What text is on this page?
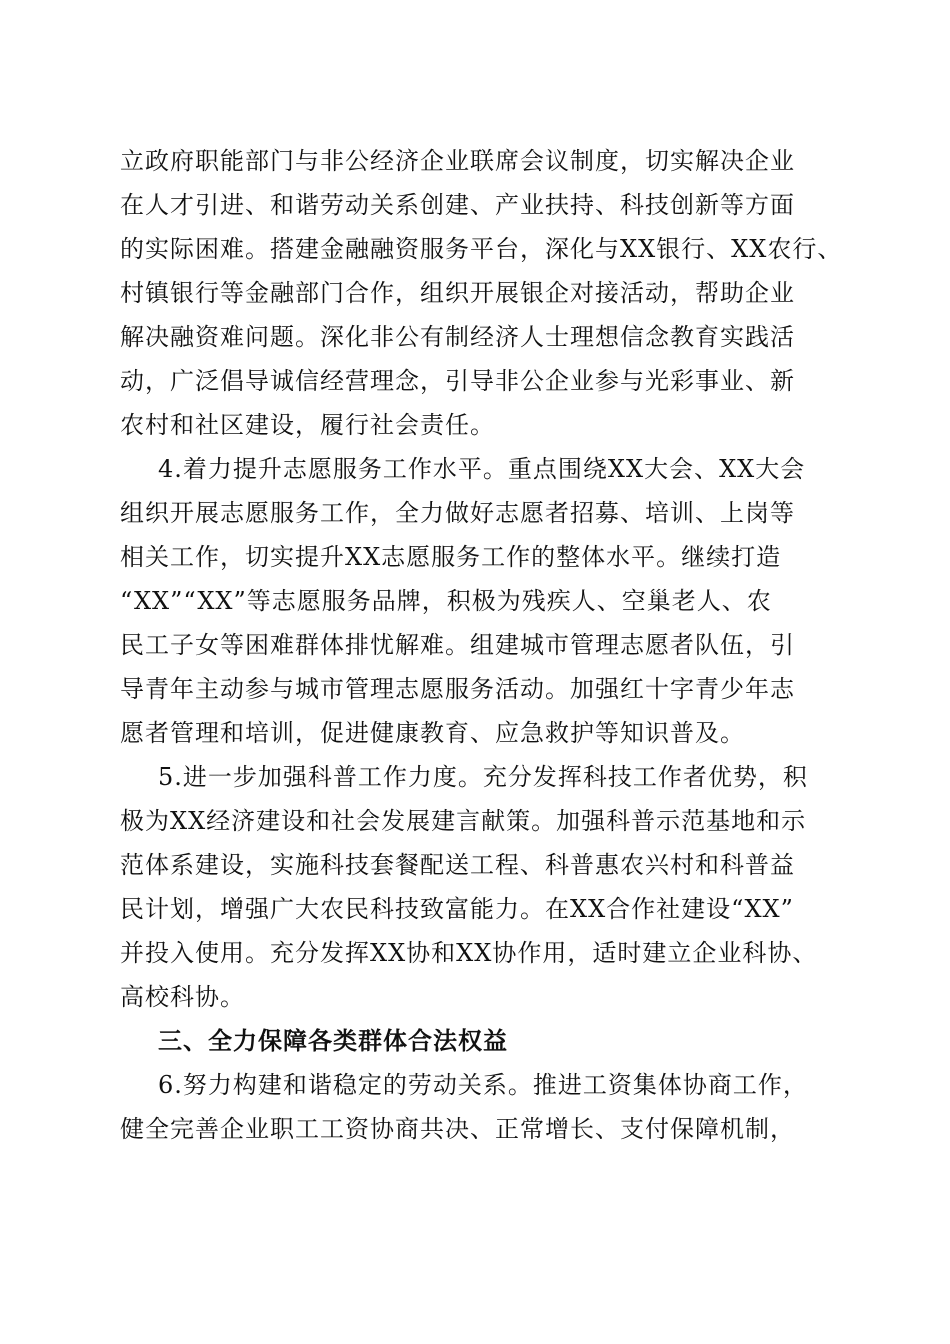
立政府职能部门与非公经济企业联席会议制度，切实解决企业
在人才引进、和谐劳动关系创建、产业扶持、科技创新等方面
的实际困难。搭建金融融资服务平台，深化与XX银行、XX农行、
村镇银行等金融部门合作，组织开展银企对接活动，帮助企业
解决融资难问题。深化非公有制经济人士理想信念教育实践活
动，广泛倡导诚信经营理念，引导非公企业参与光彩事业、新
农村和社区建设，履行社会责任。
4.着力提升志愿服务工作水平。重点围绕XX大会、XX大会
组织开展志愿服务工作，全力做好志愿者招募、培训、上岗等
相关工作，切实提升XX志愿服务工作的整体水平。继续打造
“XX”“XX”等志愿服务品牌，积极为残疾人、空巢老人、农
民工子女等困难群体排忧解难。组建城市管理志愿者队伍，引
导青年主动参与城市管理志愿服务活动。加强红十字青少年志
愿者管理和培训，促进健康教育、应急救护等知识普及。
5.进一步加强科普工作力度。充分发挥科技工作者优势，积
极为XX经济建设和社会发展建言献策。加强科普示范基地和示
范体系建设，实施科技套餐配送工程、科普惠农兴村和科普益
民计划，增强广大农民科技致富能力。在XX合作社建设“XX”
并投入使用。充分发挥XX协和XX协作用，适时建立企业科协、
高校科协。
三、全力保障各类群体合法权益
6.努力构建和谐稳定的劳动关系。推进工资集体协商工作，
健全完善企业职工工资协商共决、正常增长、支付保障机制，
